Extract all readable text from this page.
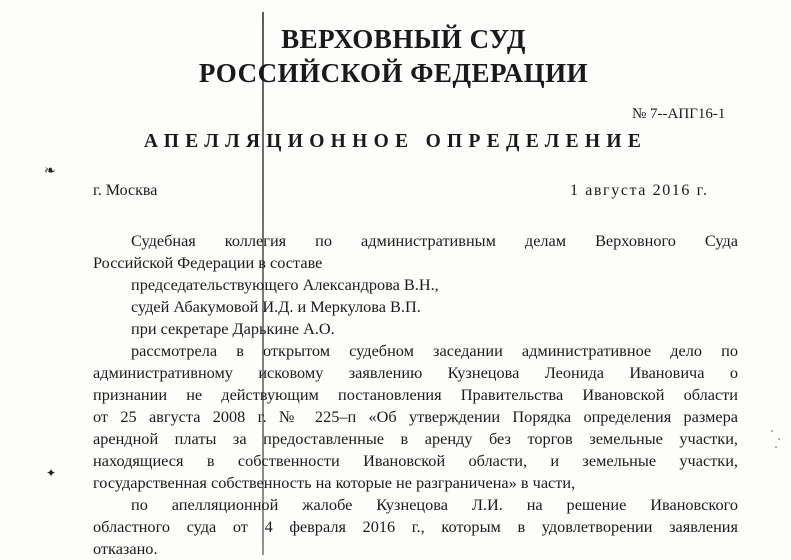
❧
✦
ВЕРХОВНЫЙ СУД
РОССИЙСКОЙ ФЕДЕРАЦИИ
№ 7--АПГ16-1
АПЕЛЛЯЦИОННОЕ ОПРЕДЕЛЕНИЕ
г. Москва	1 августа 2016 г.
Судебная коллегия по административным делам Верховного Суда
Российской Федерации в составе
председательствующего Александрова В.Н.,
судей Абакумовой И.Д. и Меркулова В.П.
при секретаре Дарькине А.О.
рассмотрела в открытом судебном заседании административное дело по
административному исковому заявлению Кузнецова Леонида Ивановича о
признании не действующим постановления Правительства Ивановской области
от 25 августа 2008 г. № 225–п «Об утверждении Порядка определения размера
арендной платы за предоставленные в аренду без торгов земельные участки,
находящиеся в собственности Ивановской области, и земельные участки,
государственная собственность на которые не разграничена» в части,
по апелляционной жалобе Кузнецова Л.И. на решение Ивановского
областного суда от 4 февраля 2016 г., которым в удовлетворении заявления
отказано.
